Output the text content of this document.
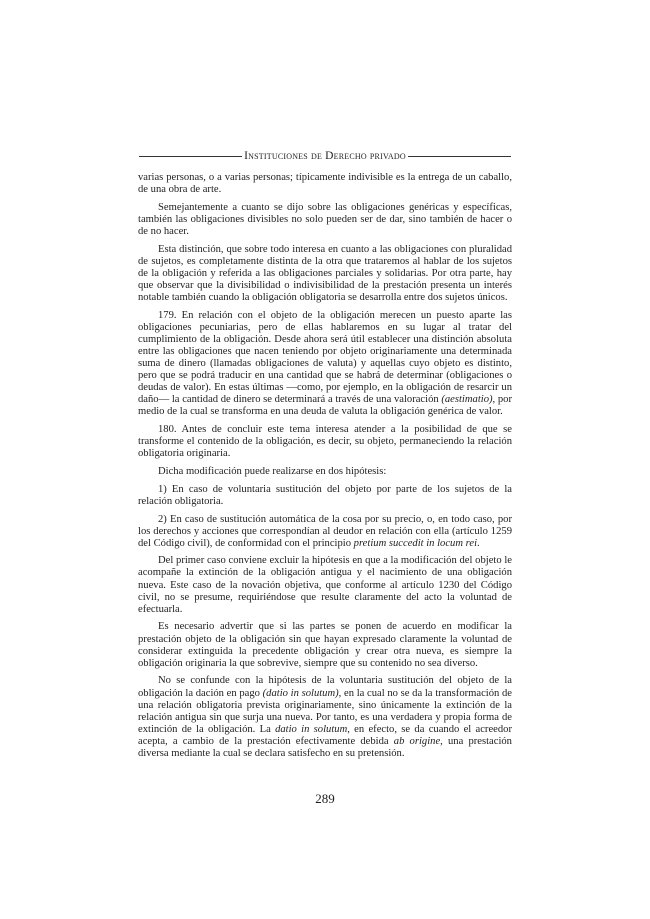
Instituciones de Derecho privado

varias personas, o a varias personas; típicamente indivisible es la entrega de un caballo, de una obra de arte.

Semejantemente a cuanto se dijo sobre las obligaciones genéricas y específicas, también las obligaciones divisibles no solo pueden ser de dar, sino también de hacer o de no hacer.

Esta distinción, que sobre todo interesa en cuanto a las obligaciones con pluralidad de sujetos, es completamente distinta de la otra que trataremos al hablar de los sujetos de la obligación y referida a las obligaciones parciales y solidarias. Por otra parte, hay que observar que la divisibilidad o indivisibilidad de la prestación presenta un interés notable también cuando la obligación obligatoria se desarrolla entre dos sujetos únicos.

179. En relación con el objeto de la obligación merecen un puesto aparte las obligaciones pecuniarias, pero de ellas hablaremos en su lugar al tratar del cumplimiento de la obligación. Desde ahora será útil establecer una distinción absoluta entre las obligaciones que nacen teniendo por objeto originariamente una determinada suma de dinero (llamadas obligaciones de valuta) y aquellas cuyo objeto es distinto, pero que se podrá traducir en una cantidad que se habrá de determinar (obligaciones o deudas de valor). En estas últimas —como, por ejemplo, en la obligación de resarcir un daño— la cantidad de dinero se determinará a través de una valoración (aestimatio), por medio de la cual se transforma en una deuda de valuta la obligación genérica de valor.

180. Antes de concluir este tema interesa atender a la posibilidad de que se transforme el contenido de la obligación, es decir, su objeto, permaneciendo la relación obligatoria originaria.

Dicha modificación puede realizarse en dos hipótesis:

1) En caso de voluntaria sustitución del objeto por parte de los sujetos de la relación obligatoria.

2) En caso de sustitución automática de la cosa por su precio, o, en todo caso, por los derechos y acciones que correspondían al deudor en relación con ella (artículo 1259 del Código civil), de conformidad con el principio pretium succedit in locum rei.

Del primer caso conviene excluir la hipótesis en que a la modificación del objeto le acompañe la extinción de la obligación antigua y el nacimiento de una obligación nueva. Este caso de la novación objetiva, que conforme al artículo 1230 del Código civil, no se presume, requiriéndose que resulte claramente del acto la voluntad de efectuarla.

Es necesario advertir que si las partes se ponen de acuerdo en modificar la prestación objeto de la obligación sin que hayan expresado claramente la voluntad de considerar extinguida la precedente obligación y crear otra nueva, es siempre la obligación originaria la que sobrevive, siempre que su contenido no sea diverso.

No se confunde con la hipótesis de la voluntaria sustitución del objeto de la obligación la dación en pago (datio in solutum), en la cual no se da la transformación de una relación obligatoria prevista originariamente, sino únicamente la extinción de la relación antigua sin que surja una nueva. Por tanto, es una verdadera y propia forma de extinción de la obligación. La datio in solutum, en efecto, se da cuando el acreedor acepta, a cambio de la prestación efectivamente debida ab origine, una prestación diversa mediante la cual se declara satisfecho en su pretensión.

289
